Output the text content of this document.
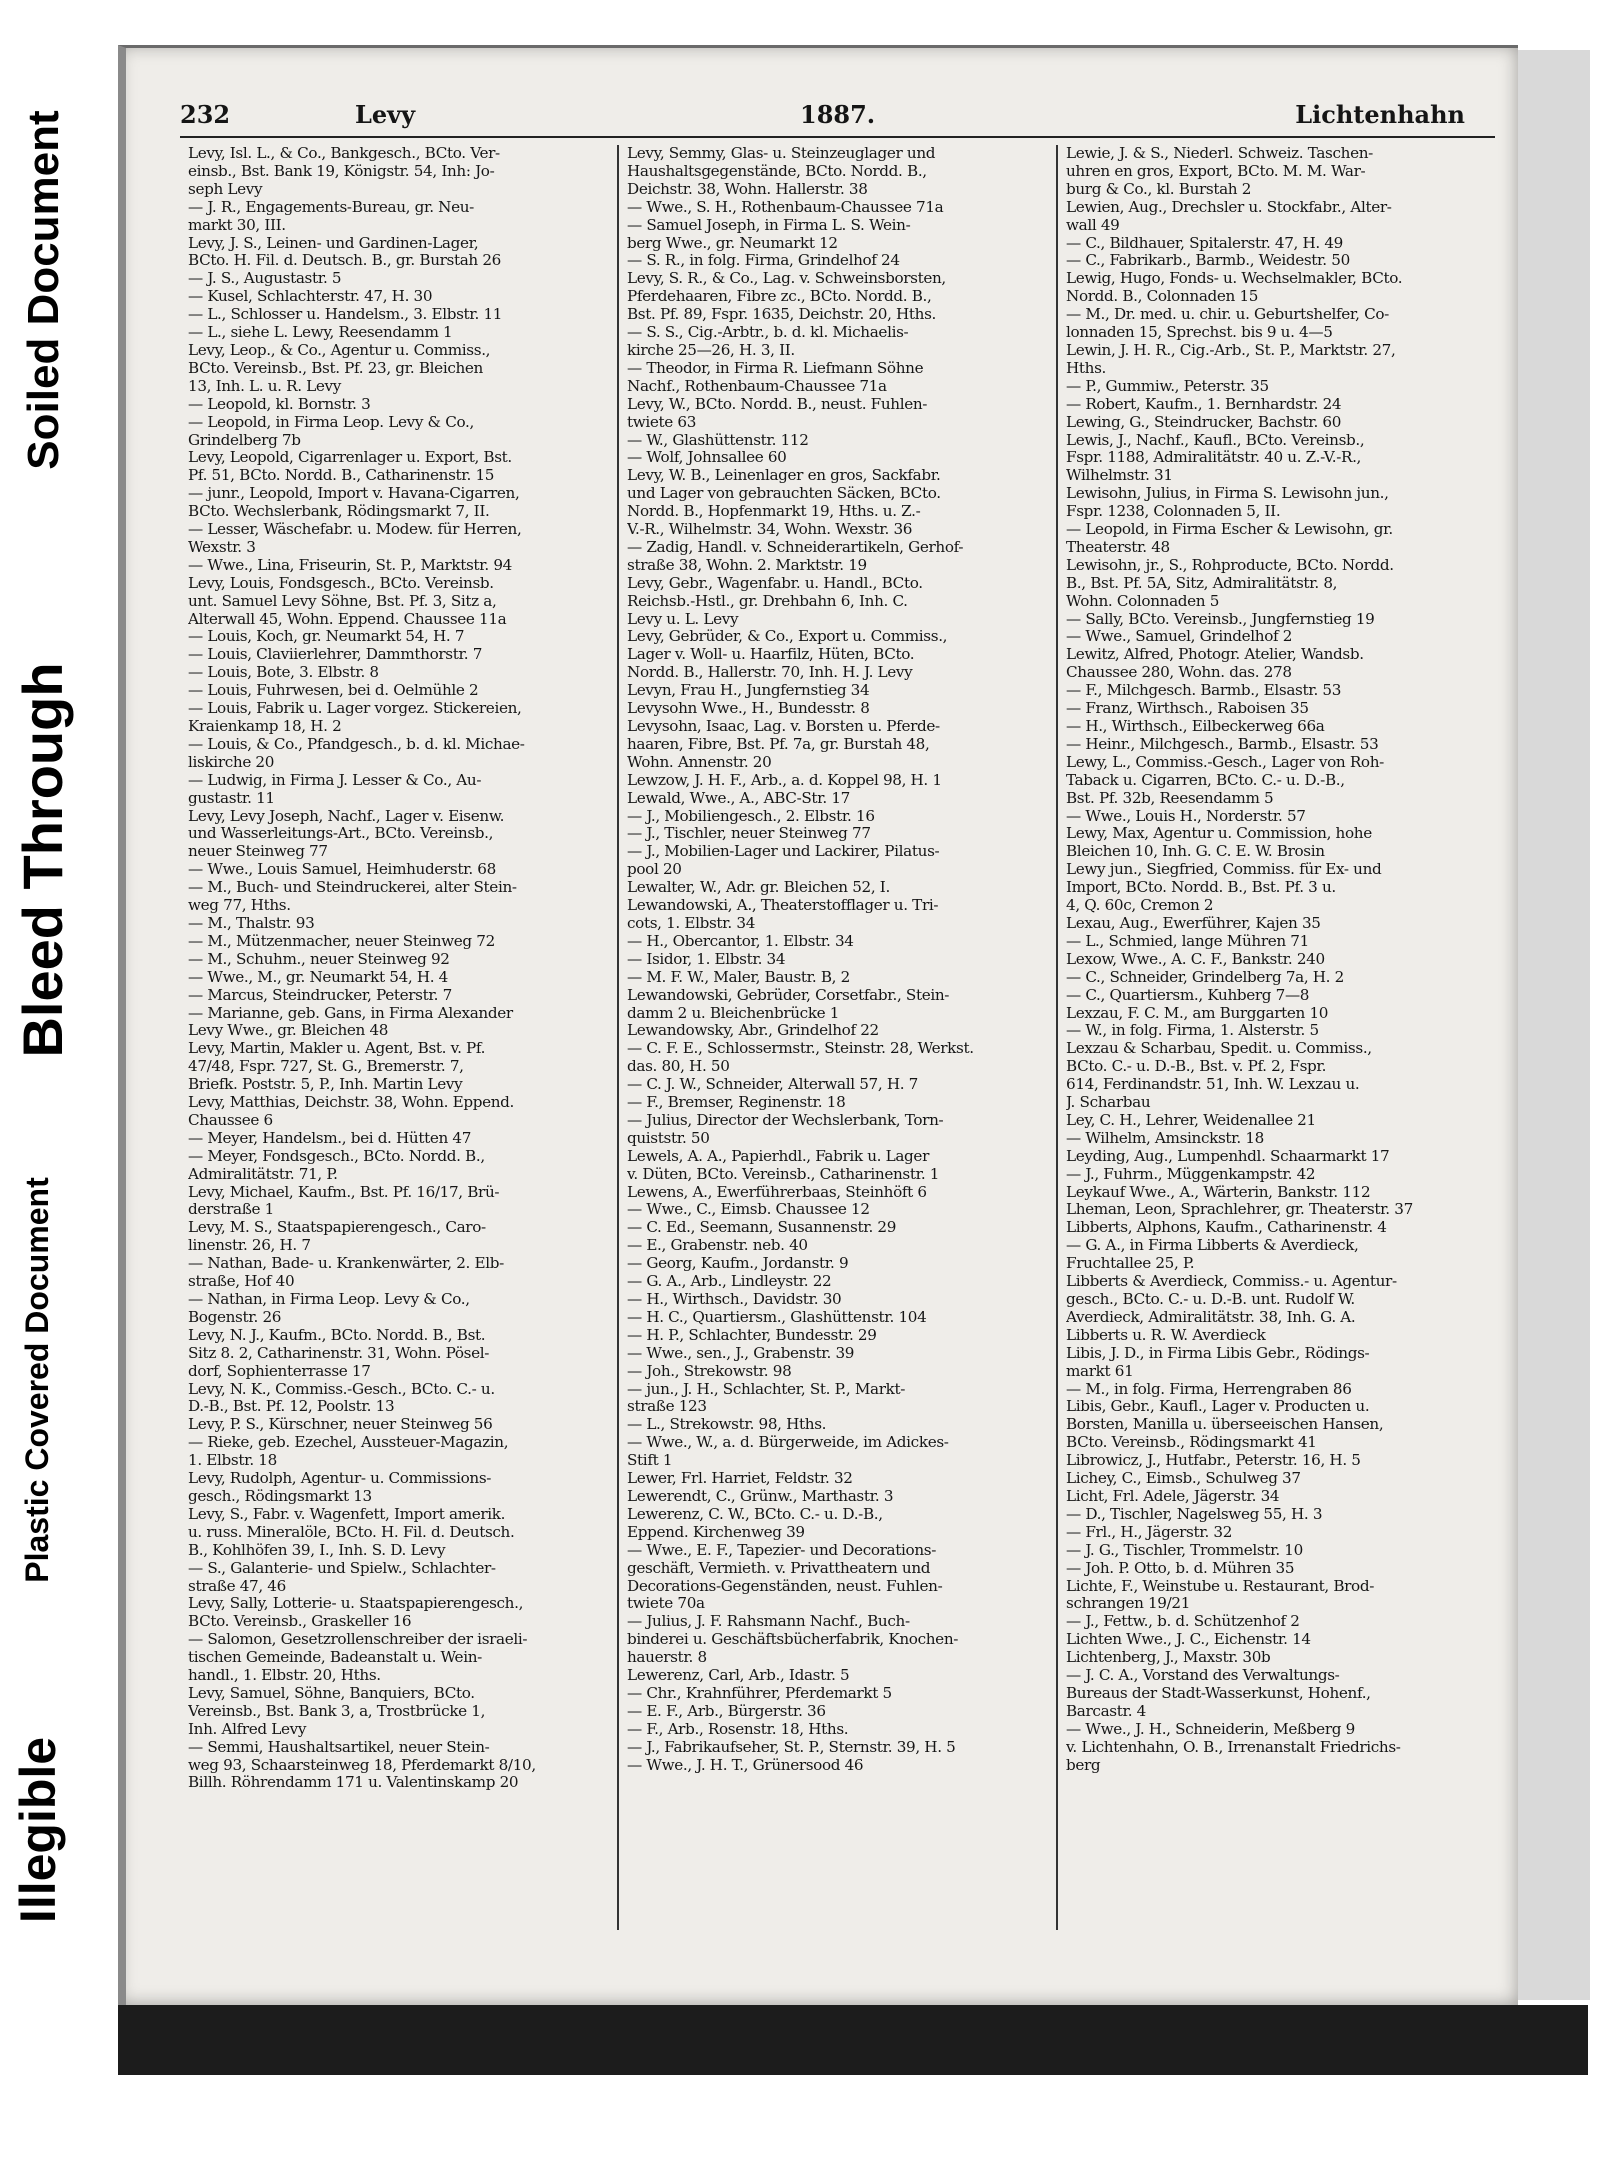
Illegible
Plastic Covered Document
Bleed Through
Soiled Document	232	Levy	1887.	Lichtenhahn
Levy, Isl. L., & Co., Bankgesch., BCto. Ver-
einsb., Bst. Bank 19, Königstr. 54, Inh: Jo-
seph Levy
— J. R., Engagements-Bureau, gr. Neu-
markt 30, III.
Levy, J. S., Leinen- und Gardinen-Lager,
BCto. H. Fil. d. Deutsch. B., gr. Burstah 26
— J. S., Augustastr. 5
— Kusel, Schlachterstr. 47, H. 30
— L., Schlosser u. Handelsm., 3. Elbstr. 11
— L., siehe L. Lewy, Reesendamm 1
Levy, Leop., & Co., Agentur u. Commiss.,
BCto. Vereinsb., Bst. Pf. 23, gr. Bleichen
13, Inh. L. u. R. Levy
— Leopold, kl. Bornstr. 3
— Leopold, in Firma Leop. Levy & Co.,
Grindelberg 7b
Levy, Leopold, Cigarrenlager u. Export, Bst.
Pf. 51, BCto. Nordd. B., Catharinenstr. 15
— junr., Leopold, Import v. Havana-Cigarren,
BCto. Wechslerbank, Rödingsmarkt 7, II.
— Lesser, Wäschefabr. u. Modew. für Herren,
Wexstr. 3
— Wwe., Lina, Friseurin, St. P., Marktstr. 94
Levy, Louis, Fondsgesch., BCto. Vereinsb.
unt. Samuel Levy Söhne, Bst. Pf. 3, Sitz a,
Alterwall 45, Wohn. Eppend. Chaussee 11a
— Louis, Koch, gr. Neumarkt 54, H. 7
— Louis, Claviierlehrer, Dammthorstr. 7
— Louis, Bote, 3. Elbstr. 8
— Louis, Fuhrwesen, bei d. Oelmühle 2
— Louis, Fabrik u. Lager vorgez. Stickereien,
Kraienkamp 18, H. 2
— Louis, & Co., Pfandgesch., b. d. kl. Michae-
liskirche 20
— Ludwig, in Firma J. Lesser & Co., Au-
gustastr. 11
Levy, Levy Joseph, Nachf., Lager v. Eisenw.
und Wasserleitungs-Art., BCto. Vereinsb.,
neuer Steinweg 77
— Wwe., Louis Samuel, Heimhuderstr. 68
— M., Buch- und Steindruckerei, alter Stein-
weg 77, Hths.
— M., Thalstr. 93
— M., Mützenmacher, neuer Steinweg 72
— M., Schuhm., neuer Steinweg 92
— Wwe., M., gr. Neumarkt 54, H. 4
— Marcus, Steindrucker, Peterstr. 7
— Marianne, geb. Gans, in Firma Alexander
Levy Wwe., gr. Bleichen 48
Levy, Martin, Makler u. Agent, Bst. v. Pf.
47/48, Fspr. 727, St. G., Bremerstr. 7,
Briefk. Poststr. 5, P., Inh. Martin Levy
Levy, Matthias, Deichstr. 38, Wohn. Eppend.
Chaussee 6
— Meyer, Handelsm., bei d. Hütten 47
— Meyer, Fondsgesch., BCto. Nordd. B.,
Admiralitätstr. 71, P.
Levy, Michael, Kaufm., Bst. Pf. 16/17, Brü-
derstraße 1
Levy, M. S., Staatspapierengesch., Caro-
linenstr. 26, H. 7
— Nathan, Bade- u. Krankenwärter, 2. Elb-
straße, Hof 40
— Nathan, in Firma Leop. Levy & Co.,
Bogenstr. 26
Levy, N. J., Kaufm., BCto. Nordd. B., Bst.
Sitz 8. 2, Catharinenstr. 31, Wohn. Pösel-
dorf, Sophienterrasse 17
Levy, N. K., Commiss.-Gesch., BCto. C.- u.
D.-B., Bst. Pf. 12, Poolstr. 13
Levy, P. S., Kürschner, neuer Steinweg 56
— Rieke, geb. Ezechel, Aussteuer-Magazin,
1. Elbstr. 18
Levy, Rudolph, Agentur- u. Commissions-
gesch., Rödingsmarkt 13
Levy, S., Fabr. v. Wagenfett, Import amerik.
u. russ. Mineralöle, BCto. H. Fil. d. Deutsch.
B., Kohlhöfen 39, I., Inh. S. D. Levy
— S., Galanterie- und Spielw., Schlachter-
straße 47, 46
Levy, Sally, Lotterie- u. Staatspapierengesch.,
BCto. Vereinsb., Graskeller 16
— Salomon, Gesetzrollenschreiber der israeli-
tischen Gemeinde, Badeanstalt u. Wein-
handl., 1. Elbstr. 20, Hths.
Levy, Samuel, Söhne, Banquiers, BCto.
Vereinsb., Bst. Bank 3, a, Trostbrücke 1,
Inh. Alfred Levy
— Semmi, Haushaltsartikel, neuer Stein-
weg 93, Schaarsteinweg 18, Pferdemarkt 8/10,
Billh. Röhrendamm 171 u. Valentinskamp 20
Levy, Semmy, Glas- u. Steinzeuglager und
Haushaltsgegenstände, BCto. Nordd. B.,
Deichstr. 38, Wohn. Hallerstr. 38
— Wwe., S. H., Rothenbaum-Chaussee 71a
— Samuel Joseph, in Firma L. S. Wein-
berg Wwe., gr. Neumarkt 12
— S. R., in folg. Firma, Grindelhof 24
Levy, S. R., & Co., Lag. v. Schweinsborsten,
Pferdehaaren, Fibre zc., BCto. Nordd. B.,
Bst. Pf. 89, Fspr. 1635, Deichstr. 20, Hths.
— S. S., Cig.-Arbtr., b. d. kl. Michaelis-
kirche 25—26, H. 3, II.
— Theodor, in Firma R. Liefmann Söhne
Nachf., Rothenbaum-Chaussee 71a
Levy, W., BCto. Nordd. B., neust. Fuhlen-
twiete 63
— W., Glashüttenstr. 112
— Wolf, Johnsallee 60
Levy, W. B., Leinenlager en gros, Sackfabr.
und Lager von gebrauchten Säcken, BCto.
Nordd. B., Hopfenmarkt 19, Hths. u. Z.-
V.-R., Wilhelmstr. 34, Wohn. Wexstr. 36
— Zadig, Handl. v. Schneiderartikeln, Gerhof-
straße 38, Wohn. 2. Marktstr. 19
Levy, Gebr., Wagenfabr. u. Handl., BCto.
Reichsb.-Hstl., gr. Drehbahn 6, Inh. C.
Levy u. L. Levy
Levy, Gebrüder, & Co., Export u. Commiss.,
Lager v. Woll- u. Haarfilz, Hüten, BCto.
Nordd. B., Hallerstr. 70, Inh. H. J. Levy
Levyn, Frau H., Jungfernstieg 34
Levysohn Wwe., H., Bundesstr. 8
Levysohn, Isaac, Lag. v. Borsten u. Pferde-
haaren, Fibre, Bst. Pf. 7a, gr. Burstah 48,
Wohn. Annenstr. 20
Lewzow, J. H. F., Arb., a. d. Koppel 98, H. 1
Lewald, Wwe., A., ABC-Str. 17
— J., Mobiliengesch., 2. Elbstr. 16
— J., Tischler, neuer Steinweg 77
— J., Mobilien-Lager und Lackirer, Pilatus-
pool 20
Lewalter, W., Adr. gr. Bleichen 52, I.
Lewandowski, A., Theaterstofflager u. Tri-
cots, 1. Elbstr. 34
— H., Obercantor, 1. Elbstr. 34
— Isidor, 1. Elbstr. 34
— M. F. W., Maler, Baustr. B, 2
Lewandowski, Gebrüder, Corsetfabr., Stein-
damm 2 u. Bleichenbrücke 1
Lewandowsky, Abr., Grindelhof 22
— C. F. E., Schlossermstr., Steinstr. 28, Werkst.
das. 80, H. 50
— C. J. W., Schneider, Alterwall 57, H. 7
— F., Bremser, Reginenstr. 18
— Julius, Director der Wechslerbank, Torn-
quiststr. 50
Lewels, A. A., Papierhdl., Fabrik u. Lager
v. Düten, BCto. Vereinsb., Catharinenstr. 1
Lewens, A., Ewerführerbaas, Steinhöft 6
— Wwe., C., Eimsb. Chaussee 12
— C. Ed., Seemann, Susannenstr. 29
— E., Grabenstr. neb. 40
— Georg, Kaufm., Jordanstr. 9
— G. A., Arb., Lindleystr. 22
— H., Wirthsch., Davidstr. 30
— H. C., Quartiersm., Glashüttenstr. 104
— H. P., Schlachter, Bundesstr. 29
— Wwe., sen., J., Grabenstr. 39
— Joh., Strekowstr. 98
— jun., J. H., Schlachter, St. P., Markt-
straße 123
— L., Strekowstr. 98, Hths.
— Wwe., W., a. d. Bürgerweide, im Adickes-
Stift 1
Lewer, Frl. Harriet, Feldstr. 32
Lewerendt, C., Grünw., Marthastr. 3
Lewerenz, C. W., BCto. C.- u. D.-B.,
Eppend. Kirchenweg 39
— Wwe., E. F., Tapezier- und Decorations-
geschäft, Vermieth. v. Privattheatern und
Decorations-Gegenständen, neust. Fuhlen-
twiete 70a
— Julius, J. F. Rahsmann Nachf., Buch-
binderei u. Geschäftsbücherfabrik, Knochen-
hauerstr. 8
Lewerenz, Carl, Arb., Idastr. 5
— Chr., Krahnführer, Pferdemarkt 5
— E. F., Arb., Bürgerstr. 36
— F., Arb., Rosenstr. 18, Hths.
— J., Fabrikaufseher, St. P., Sternstr. 39, H. 5
— Wwe., J. H. T., Grünersood 46
Lewie, J. & S., Niederl. Schweiz. Taschen-
uhren en gros, Export, BCto. M. M. War-
burg & Co., kl. Burstah 2
Lewien, Aug., Drechsler u. Stockfabr., Alter-
wall 49
— C., Bildhauer, Spitalerstr. 47, H. 49
— C., Fabrikarb., Barmb., Weidestr. 50
Lewig, Hugo, Fonds- u. Wechselmakler, BCto.
Nordd. B., Colonnaden 15
— M., Dr. med. u. chir. u. Geburtshelfer, Co-
lonnaden 15, Sprechst. bis 9 u. 4—5
Lewin, J. H. R., Cig.-Arb., St. P., Marktstr. 27,
Hths.
— P., Gummiw., Peterstr. 35
— Robert, Kaufm., 1. Bernhardstr. 24
Lewing, G., Steindrucker, Bachstr. 60
Lewis, J., Nachf., Kaufl., BCto. Vereinsb.,
Fspr. 1188, Admiralitätstr. 40 u. Z.-V.-R.,
Wilhelmstr. 31
Lewisohn, Julius, in Firma S. Lewisohn jun.,
Fspr. 1238, Colonnaden 5, II.
— Leopold, in Firma Escher & Lewisohn, gr.
Theaterstr. 48
Lewisohn, jr., S., Rohproducte, BCto. Nordd.
B., Bst. Pf. 5A, Sitz, Admiralitätstr. 8,
Wohn. Colonnaden 5
— Sally, BCto. Vereinsb., Jungfernstieg 19
— Wwe., Samuel, Grindelhof 2
Lewitz, Alfred, Photogr. Atelier, Wandsb.
Chaussee 280, Wohn. das. 278
— F., Milchgesch. Barmb., Elsastr. 53
— Franz, Wirthsch., Raboisen 35
— H., Wirthsch., Eilbeckerweg 66a
— Heinr., Milchgesch., Barmb., Elsastr. 53
Lewy, L., Commiss.-Gesch., Lager von Roh-
Taback u. Cigarren, BCto. C.- u. D.-B.,
Bst. Pf. 32b, Reesendamm 5
— Wwe., Louis H., Norderstr. 57
Lewy, Max, Agentur u. Commission, hohe
Bleichen 10, Inh. G. C. E. W. Brosin
Lewy jun., Siegfried, Commiss. für Ex- und
Import, BCto. Nordd. B., Bst. Pf. 3 u.
4, Q. 60c, Cremon 2
Lexau, Aug., Ewerführer, Kajen 35
— L., Schmied, lange Mühren 71
Lexow, Wwe., A. C. F., Bankstr. 240
— C., Schneider, Grindelberg 7a, H. 2
— C., Quartiersm., Kuhberg 7—8
Lexzau, F. C. M., am Burggarten 10
— W., in folg. Firma, 1. Alsterstr. 5
Lexzau & Scharbau, Spedit. u. Commiss.,
BCto. C.- u. D.-B., Bst. v. Pf. 2, Fspr.
614, Ferdinandstr. 51, Inh. W. Lexzau u.
J. Scharbau
Ley, C. H., Lehrer, Weidenallee 21
— Wilhelm, Amsinckstr. 18
Leyding, Aug., Lumpenhdl. Schaarmarkt 17
— J., Fuhrm., Müggenkampstr. 42
Leykauf Wwe., A., Wärterin, Bankstr. 112
Lheman, Leon, Sprachlehrer, gr. Theaterstr. 37
Libberts, Alphons, Kaufm., Catharinenstr. 4
— G. A., in Firma Libberts & Averdieck,
Fruchtallee 25, P.
Libberts & Averdieck, Commiss.- u. Agentur-
gesch., BCto. C.- u. D.-B. unt. Rudolf W.
Averdieck, Admiralitätstr. 38, Inh. G. A.
Libberts u. R. W. Averdieck
Libis, J. D., in Firma Libis Gebr., Rödings-
markt 61
— M., in folg. Firma, Herrengraben 86
Libis, Gebr., Kaufl., Lager v. Producten u.
Borsten, Manilla u. überseeischen Hansen,
BCto. Vereinsb., Rödingsmarkt 41
Librowicz, J., Hutfabr., Peterstr. 16, H. 5
Lichey, C., Eimsb., Schulweg 37
Licht, Frl. Adele, Jägerstr. 34
— D., Tischler, Nagelsweg 55, H. 3
— Frl., H., Jägerstr. 32
— J. G., Tischler, Trommelstr. 10
— Joh. P. Otto, b. d. Mühren 35
Lichte, F., Weinstube u. Restaurant, Brod-
schrangen 19/21
— J., Fettw., b. d. Schützenhof 2
Lichten Wwe., J. C., Eichenstr. 14
Lichtenberg, J., Maxstr. 30b
— J. C. A., Vorstand des Verwaltungs-
Bureaus der Stadt-Wasserkunst, Hohenf.,
Barcastr. 4
— Wwe., J. H., Schneiderin, Meßberg 9
v. Lichtenhahn, O. B., Irrenanstalt Friedrichs-
berg
